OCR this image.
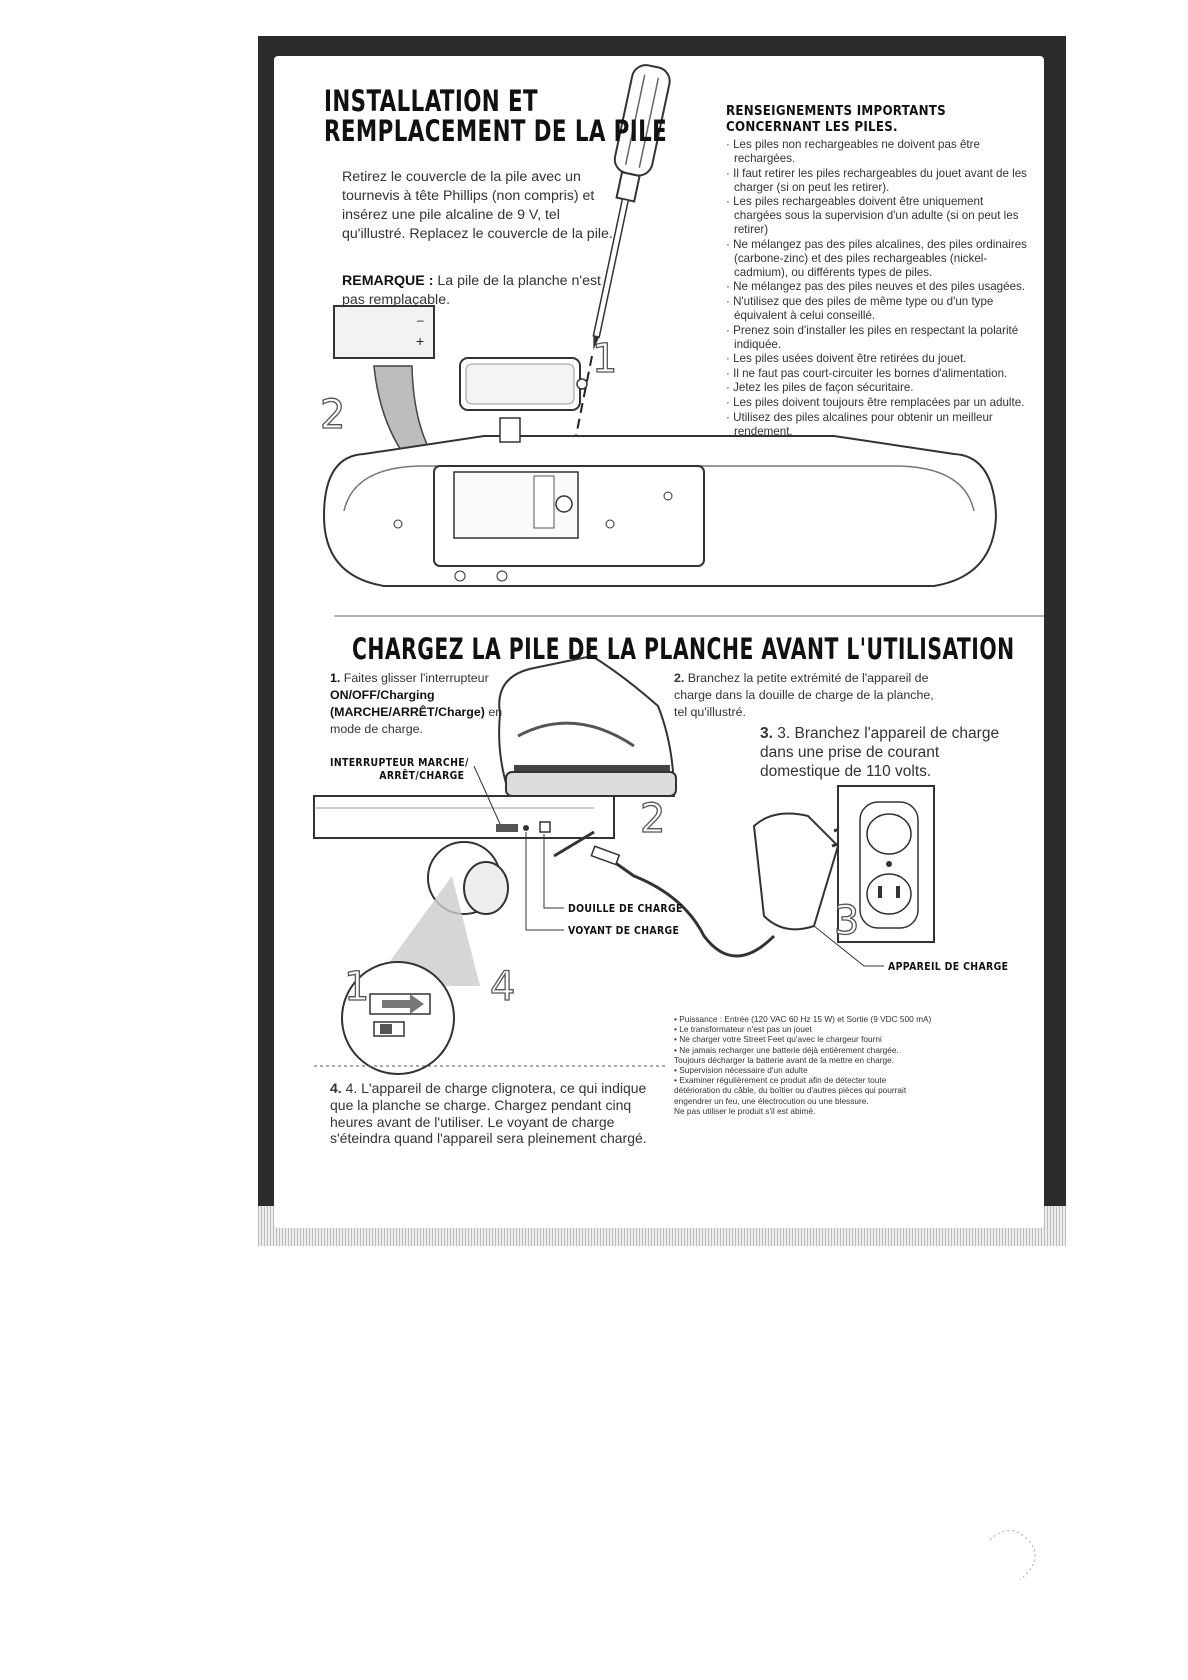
–
+	1
2
INSTALLATION ET
REMPLACEMENT DE LA PILE
Retirez le couvercle de la pile avec un tournevis à tête Phillips (non compris) et insérez une pile alcaline de 9 V, tel qu'illustré. Replacez le couvercle de la pile.
REMARQUE : La pile de la planche n'est pas remplaçable.
RENSEIGNEMENTS IMPORTANTS
CONCERNANT LES PILES.
· Les piles non rechargeables ne doivent pas être rechargées.
· Il faut retirer les piles rechargeables du jouet avant de les charger (si on peut les retirer).
· Les piles rechargeables doivent être uniquement chargées sous la supervision d'un adulte (si on peut les retirer)
· Ne mélangez pas des piles alcalines, des piles ordinaires (carbone-zinc) et des piles rechargeables (nickel-cadmium), ou différents types de piles.
· Ne mélangez pas des piles neuves et des piles usagées.
· N'utilisez que des piles de même type ou d'un type équivalent à celui conseillé.
· Prenez soin d'installer les piles en respectant la polarité indiquée.
· Les piles usées doivent être retirées du jouet.
· Il ne faut pas court-circuiter les bornes d'alimentation.
· Jetez les piles de façon sécuritaire.
· Les piles doivent toujours être remplacées par un adulte.
· Utilisez des piles alcalines pour obtenir un meilleur rendement.
CHARGEZ LA PILE DE LA PLANCHE AVANT L'UTILISATION
1. Faites glisser l'interrupteur ON/OFF/Charging (MARCHE/ARRÊT/Charge) en mode de charge.
2. Branchez la petite extrémité de l'appareil de charge dans la douille de charge de la planche, tel qu'illustré.
3. 3. Branchez l'appareil de charge dans une prise de courant domestique de 110 volts.
INTERRUPTEUR MARCHE/
ARRÊT/CHARGE
DOUILLE DE CHARGE
VOYANT DE CHARGE
APPAREIL DE CHARGE
2
3
1	4
4. 4. L'appareil de charge clignotera, ce qui indique que la planche se charge. Chargez pendant cinq heures avant de l'utiliser. Le voyant de charge s'éteindra quand l'appareil sera pleinement chargé.
• Puissance : Entrée (120 VAC 60 Hz 15 W) et Sortie (9 VDC 500 mA)
• Le transformateur n'est pas un jouet
• Ne charger votre Street Feet qu'avec le chargeur fourni
• Ne jamais recharger une batterie déjà entièrement chargée.
Toujours décharger la batterie avant de la mettre en charge.
• Supervision nécessaire d'un adulte
• Examiner régulièrement ce produit afin de détecter toute
détérioration du câble, du boîtier ou d'autres pièces qui pourrait
engendrer un feu, une électrocution ou une blessure.
Ne pas utiliser le produit s'il est abimé.
